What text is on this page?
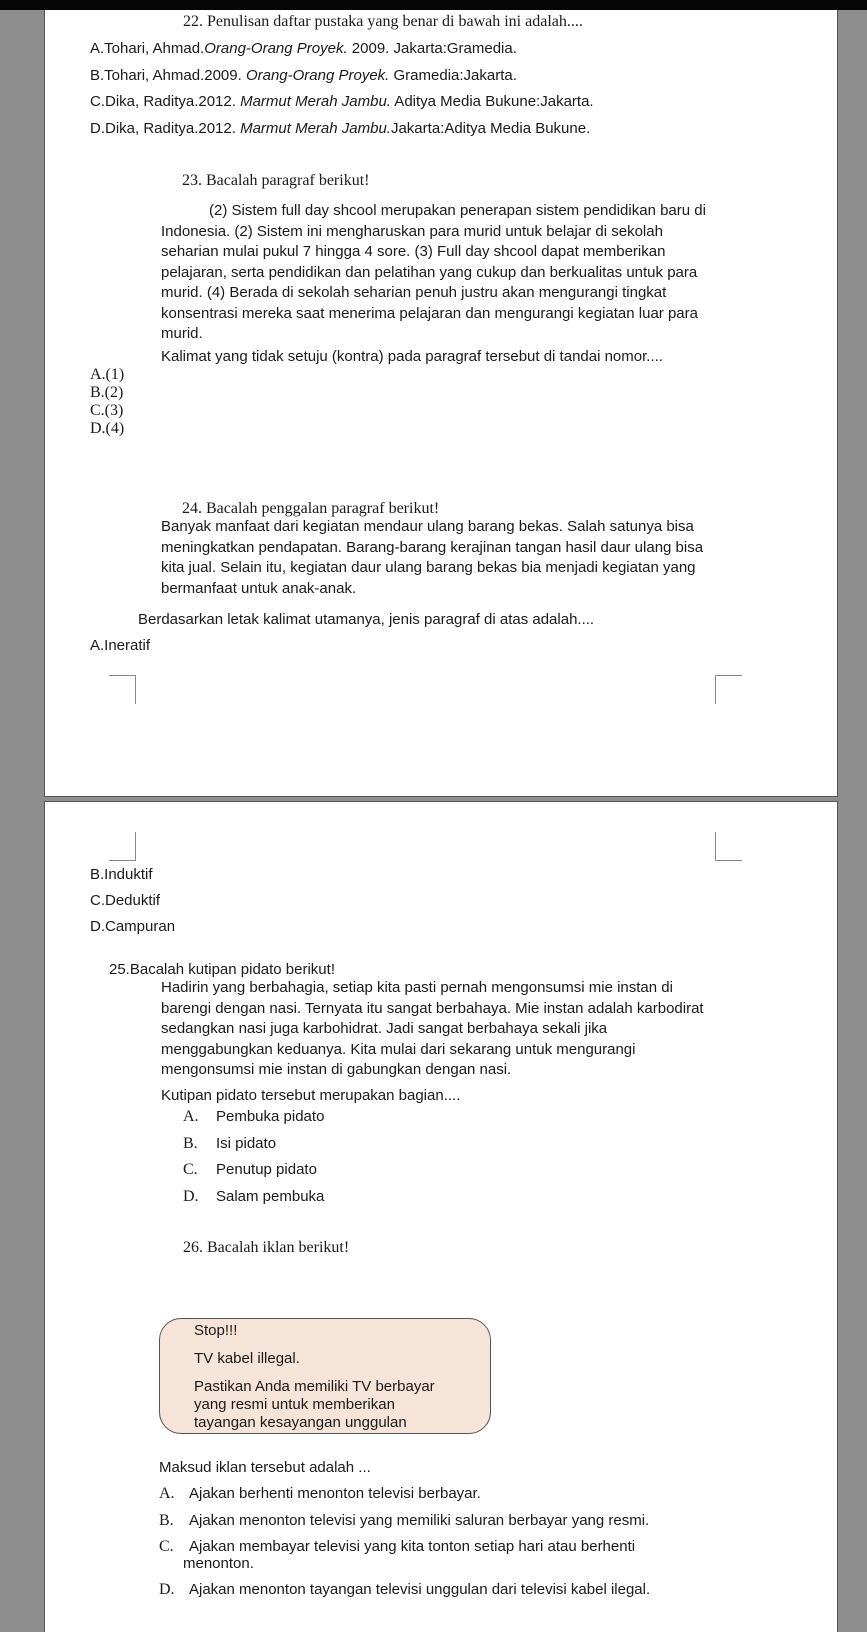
22. Penulisan daftar pustaka yang benar di bawah ini adalah....
A.Tohari, Ahmad.Orang-Orang Proyek. 2009. Jakarta:Gramedia.
B.Tohari, Ahmad.2009. Orang-Orang Proyek. Gramedia:Jakarta.
C.Dika, Raditya.2012. Marmut Merah Jambu. Aditya Media Bukune:Jakarta.
D.Dika, Raditya.2012. Marmut Merah Jambu.Jakarta:Aditya Media Bukune.
23. Bacalah paragraf berikut!
(2) Sistem full day shcool merupakan penerapan sistem pendidikan baru di Indonesia. (2) Sistem ini mengharuskan para murid untuk belajar di sekolah seharian mulai pukul 7 hingga 4 sore. (3) Full day shcool dapat memberikan pelajaran, serta pendidikan dan pelatihan yang cukup dan berkualitas untuk para murid. (4) Berada di sekolah seharian penuh justru akan mengurangi tingkat konsentrasi mereka saat menerima pelajaran dan mengurangi kegiatan luar para murid.
Kalimat yang tidak setuju (kontra) pada paragraf tersebut di tandai nomor....
A.(1)
B.(2)
C.(3)
D.(4)
24. Bacalah penggalan paragraf berikut!
Banyak manfaat dari kegiatan mendaur ulang barang bekas. Salah satunya bisa meningkatkan pendapatan. Barang-barang kerajinan tangan hasil daur ulang bisa kita jual. Selain itu, kegiatan daur ulang barang bekas bia menjadi kegiatan yang bermanfaat untuk anak-anak.
Berdasarkan letak kalimat utamanya, jenis paragraf di atas adalah....
A.Ineratif
B.Induktif
C.Deduktif
D.Campuran
25.Bacalah kutipan pidato berikut!
Hadirin yang berbahagia, setiap kita pasti pernah mengonsumsi mie instan di barengi dengan nasi. Ternyata itu sangat berbahaya. Mie instan adalah karbodirat sedangkan nasi juga karbohidrat. Jadi sangat berbahaya sekali jika menggabungkan keduanya. Kita mulai dari sekarang untuk mengurangi mengonsumsi mie instan di gabungkan dengan nasi.
Kutipan pidato tersebut merupakan bagian....
A. Pembuka pidato
B. Isi pidato
C. Penutup pidato
D. Salam pembuka
26. Bacalah iklan berikut!
Stop!!!
TV kabel illegal.
Pastikan Anda memiliki TV berbayar
yang resmi untuk memberikan
tayangan kesayangan unggulan
Maksud iklan tersebut adalah ...
A. Ajakan berhenti menonton televisi berbayar.
B. Ajakan menonton televisi yang memiliki saluran berbayar yang resmi.
C. Ajakan membayar televisi yang kita tonton setiap hari atau berhenti
menonton.
D. Ajakan menonton tayangan televisi unggulan dari televisi kabel ilegal.
